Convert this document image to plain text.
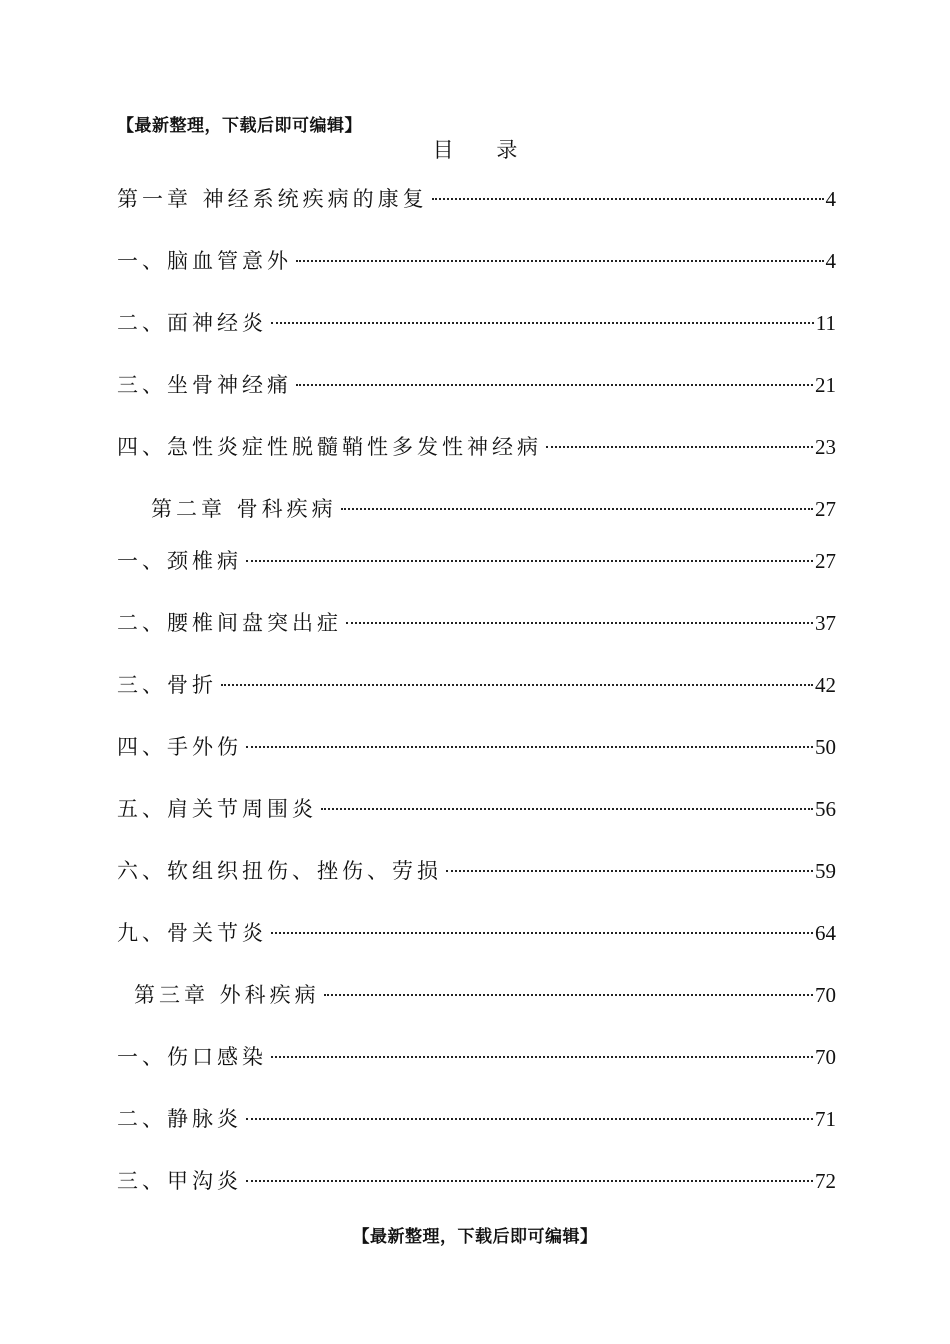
【最新整理，下载后即可编辑】
目 录
第一章 神经系统疾病的康复	4
一、脑血管意外	4
二、面神经炎	11
三、坐骨神经痛	21
四、急性炎症性脱髓鞘性多发性神经病	23
第二章 骨科疾病	27
一、颈椎病	27
二、腰椎间盘突出症	37
三、骨折	42
四、手外伤	50
五、肩关节周围炎	56
六、软组织扭伤、挫伤、劳损	59
九、骨关节炎	64
第三章 外科疾病	70
一、伤口感染	70
二、静脉炎	71
三、甲沟炎	72
【最新整理，下载后即可编辑】
